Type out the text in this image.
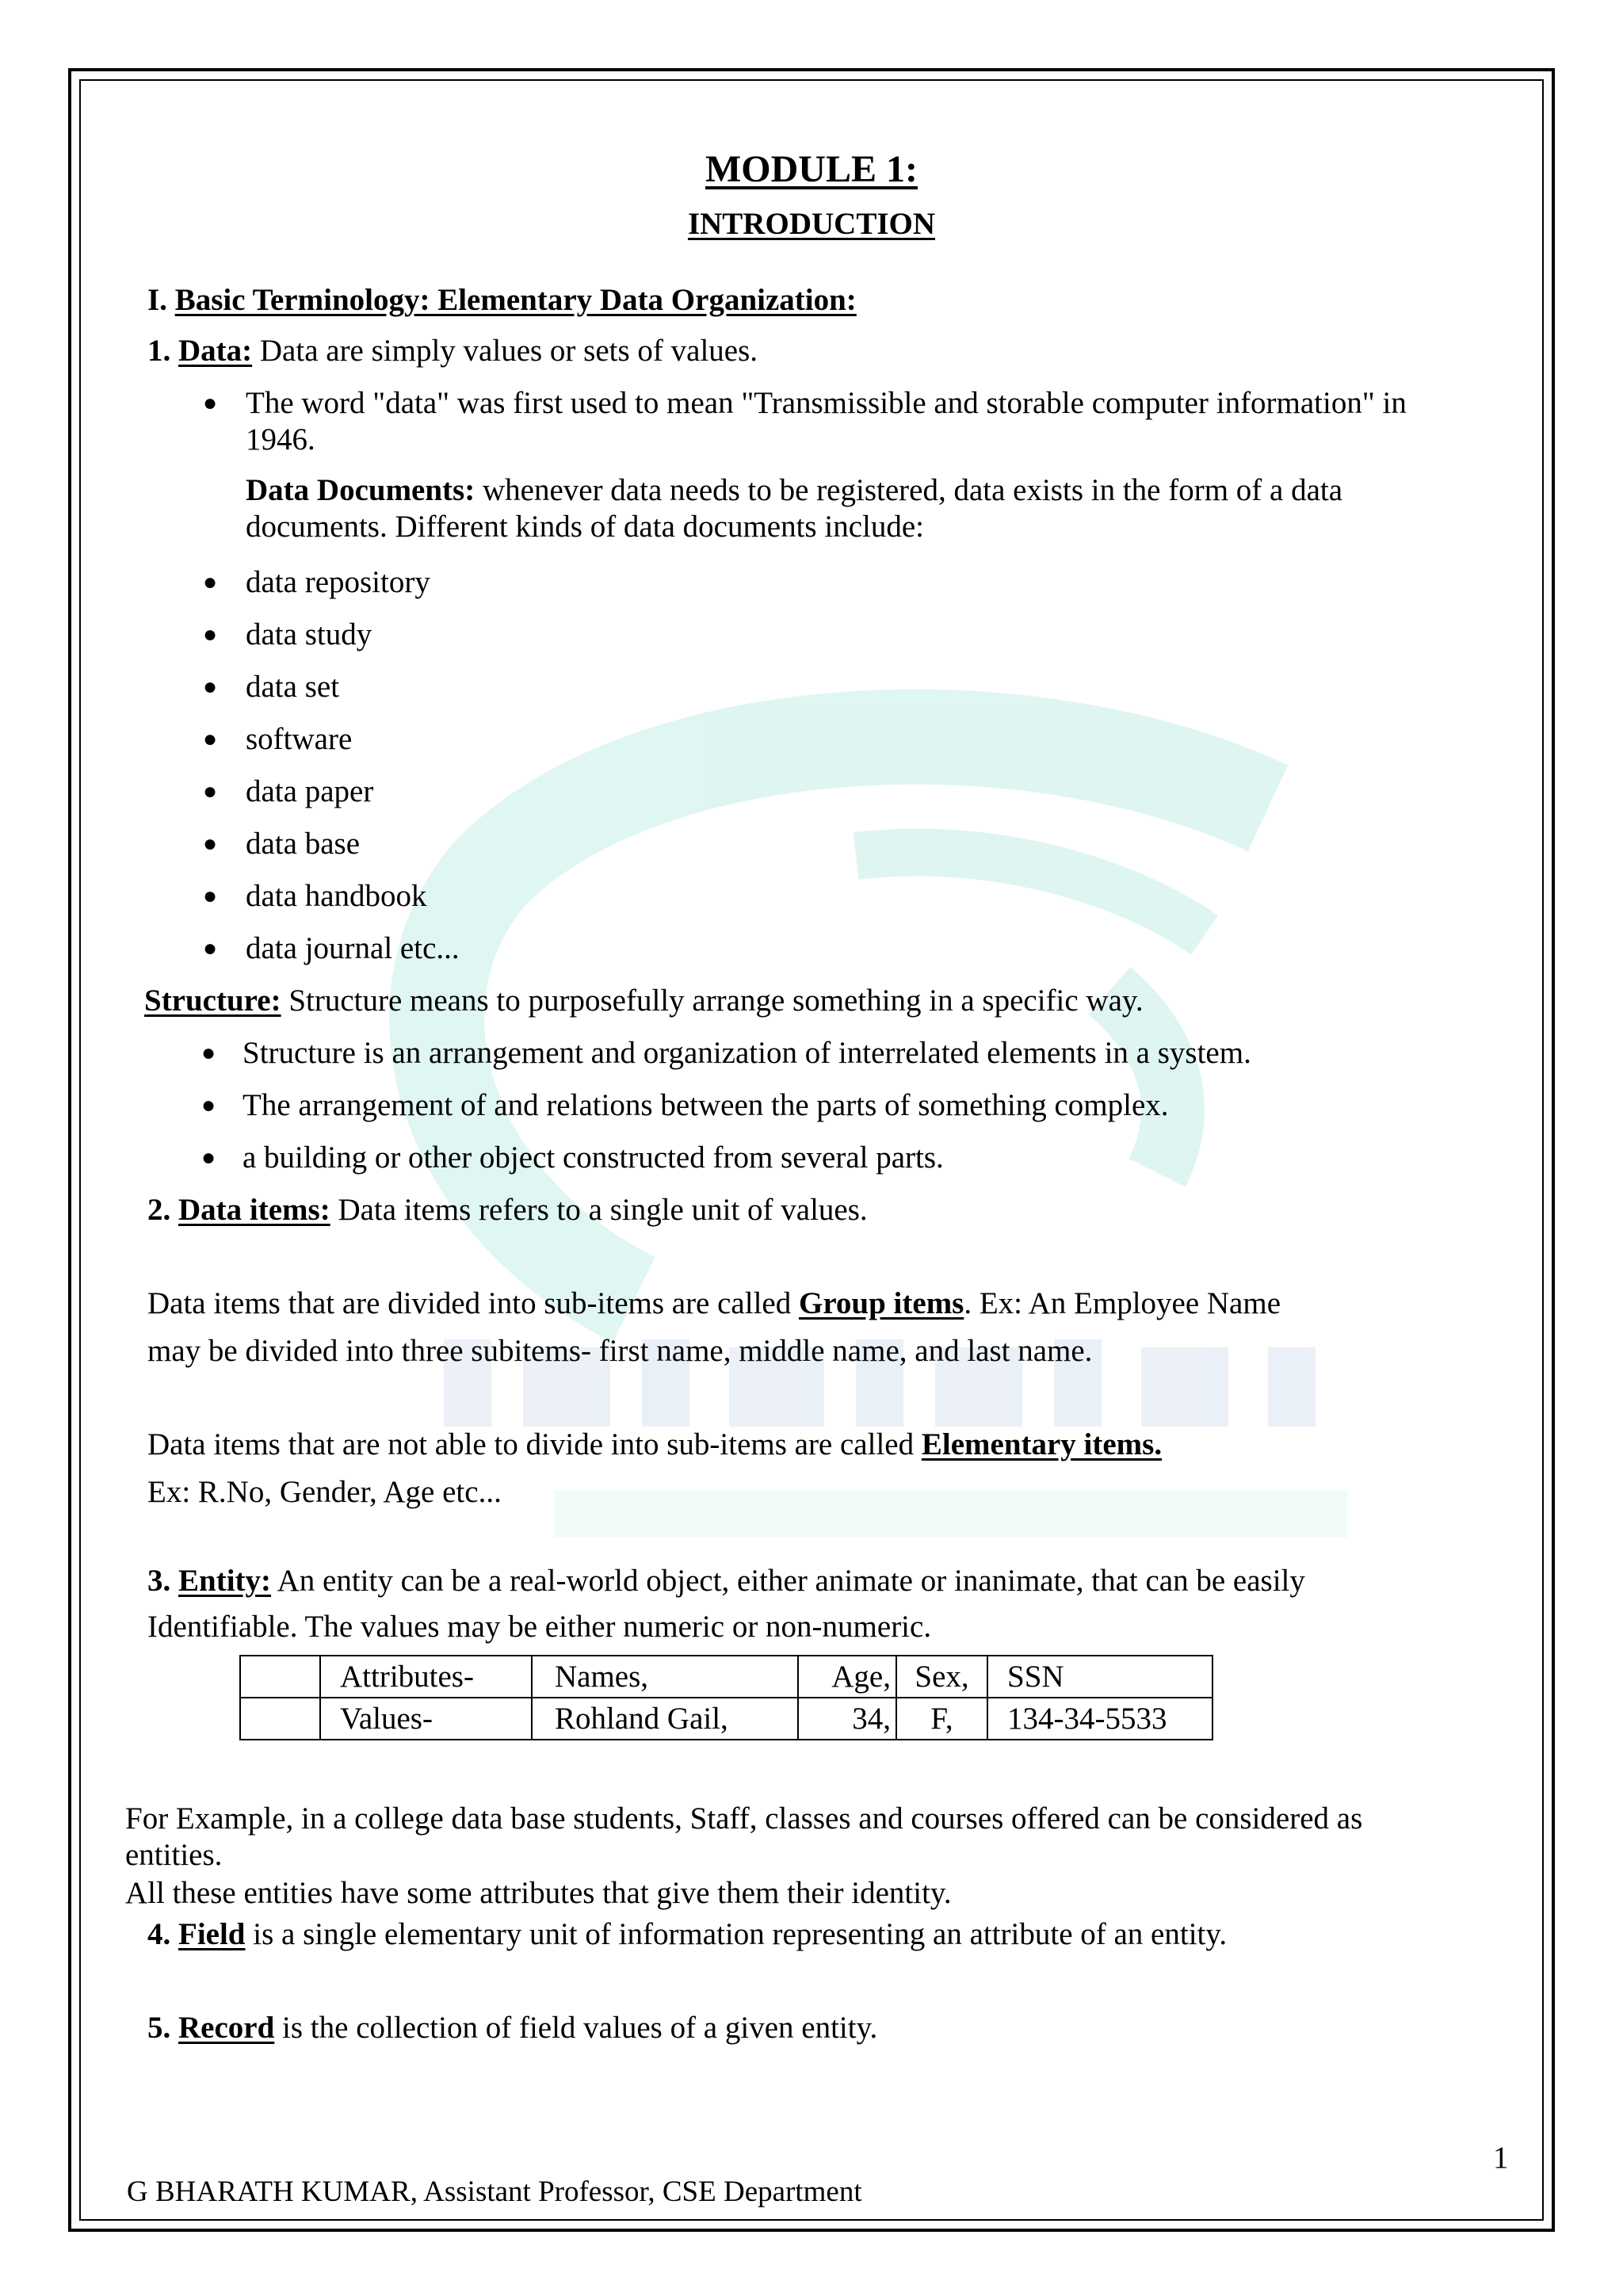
MODULE 1:
INTRODUCTION
I. Basic Terminology: Elementary Data Organization:
1. Data: Data are simply values or sets of values.
● The word "data" was first used to mean "Transmissible and storable computer information" in
1946.
Data Documents: whenever data needs to be registered, data exists in the form of a data
documents. Different kinds of data documents include:
● data repository
● data study
● data set
● software
● data paper
● data base
● data handbook
● data journal etc...
Structure: Structure means to purposefully arrange something in a specific way.
● Structure is an arrangement and organization of interrelated elements in a system.
● The arrangement of and relations between the parts of something complex.
● a building or other object constructed from several parts.
2. Data items: Data items refers to a single unit of values.
Data items that are divided into sub-items are called Group items. Ex: An Employee Name
may be divided into three subitems- first name, middle name, and last name.
Data items that are not able to divide into sub-items are called Elementary items.
Ex: R.No, Gender, Age etc...
3. Entity: An entity can be a real-world object, either animate or inanimate, that can be easily
Identifiable. The values may be either numeric or non-numeric.
	Attributes-	Names,	Age,	Sex,	SSN
	Values-	Rohland Gail,	34,	F,	134-34-5533
For Example, in a college data base students, Staff, classes and courses offered can be considered as
entities.
All these entities have some attributes that give them their identity.
4. Field is a single elementary unit of information representing an attribute of an entity.
5. Record is the collection of field values of a given entity.
1
G BHARATH KUMAR, Assistant Professor, CSE Department
